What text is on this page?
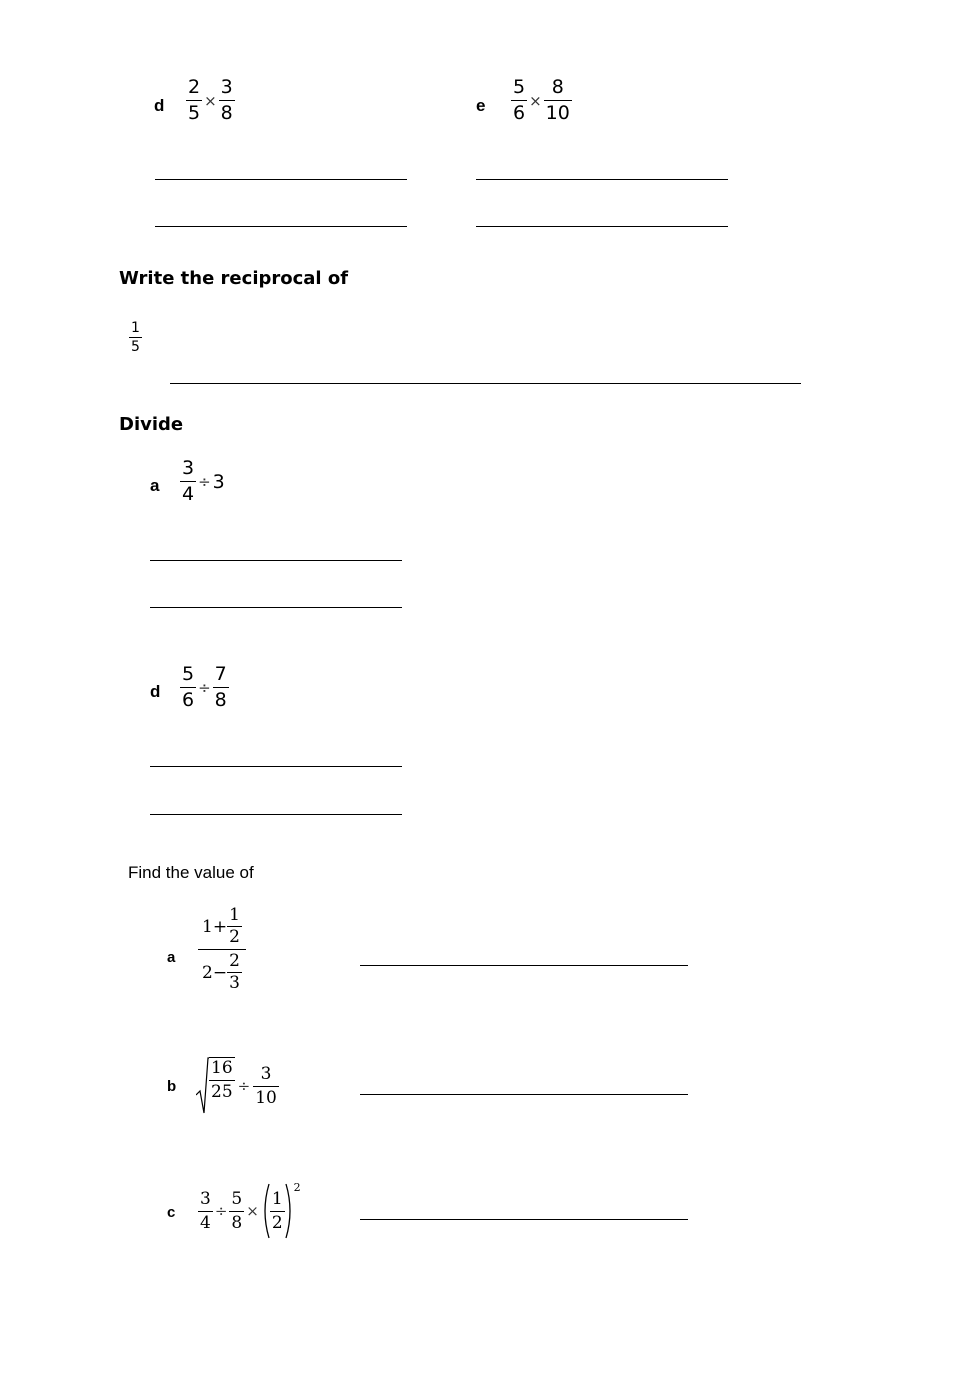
d $\frac{2}{5} \times \frac{3}{8}$	e $\frac{5}{6} \times \frac{8}{10}$
Write the reciprocal of
$\frac{1}{5}$
Divide
a $\frac{3}{4} \div 3$
d $\frac{5}{6} \div \frac{7}{8}$
Find the value of
a
$1 + \frac{1}{2}$
$2 - \frac{2}{3}$
b $\frac{16}{25} \div \frac{3}{10}$
c $\frac{3}{4} \div \frac{5}{8} \times \frac{1}{2}$
2
